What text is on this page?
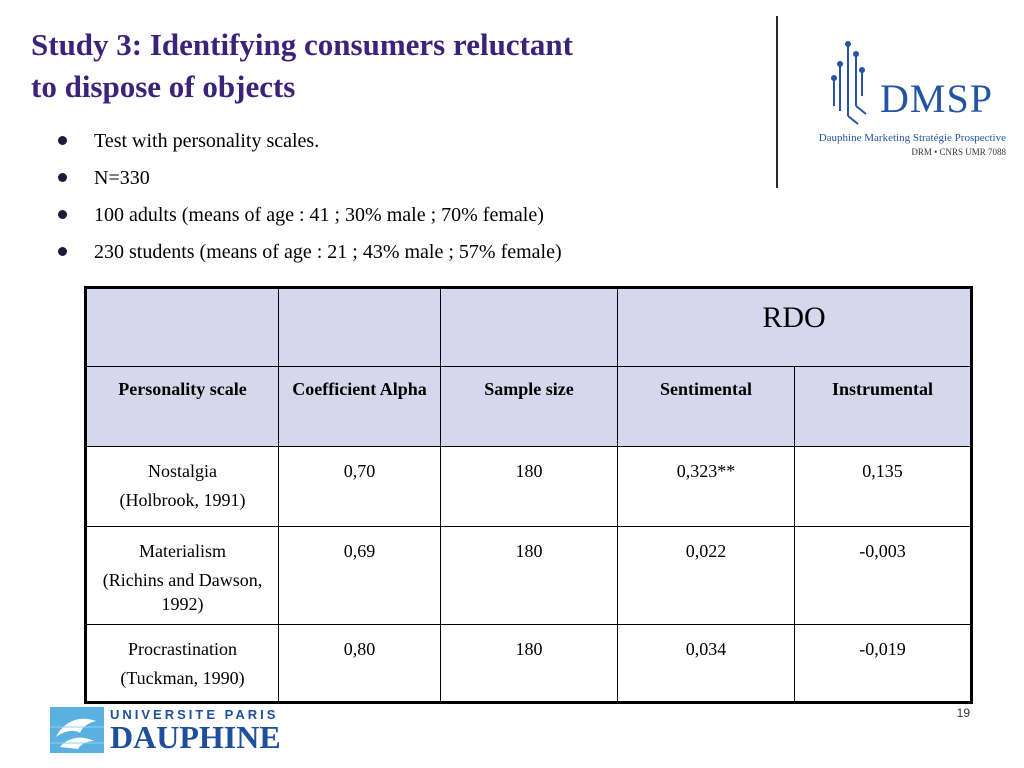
Study 3: Identifying consumers reluctant
to dispose of objects	DMSP
Dauphine Marketing Stratégie Prospective
DRM • CNRS UMR 7088
Test with personality scales.
N=330
100 adults (means of age : 41 ; 30% male ; 70% female)
230 students (means of age : 21 ; 43% male ; 57% female)

			RDO	

Personality scale	Coefficient Alpha	Sample size	Sentimental	Instrumental

Nostalgia
(Holbrook, 1991)	0,70	180	0,323**	0,135

Materialism
(Richins and Dawson, 1992)	0,69	180	0,022	-0,003

Procrastination
(Tuckman, 1990)	0,80	180	0,034	-0,019
19
UNIVERSITE PARIS
DAUPHINE
